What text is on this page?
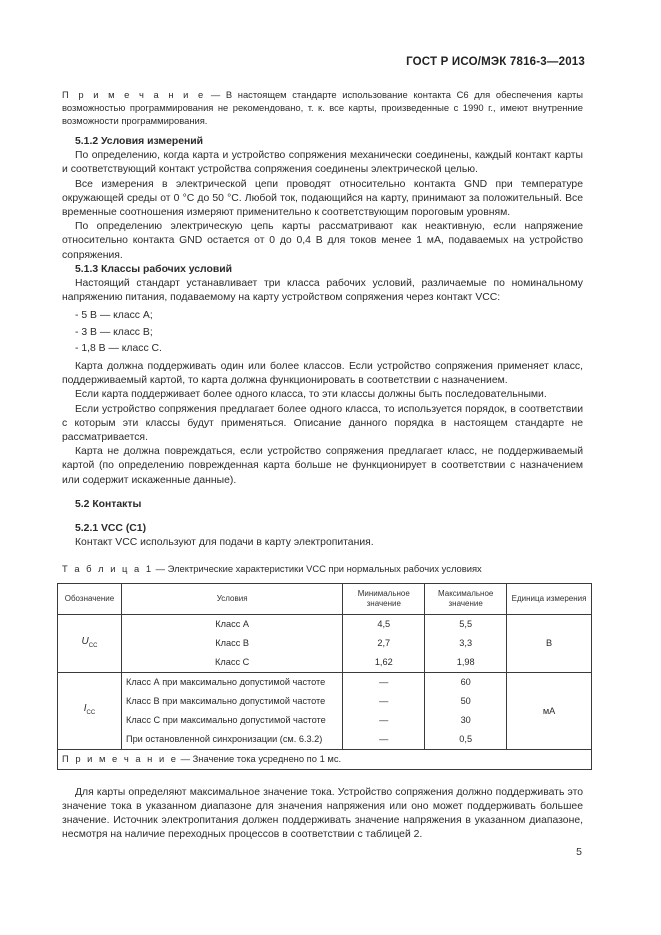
ГОСТ Р ИСО/МЭК 7816-3—2013

П р и м е ч а н и е — В настоящем стандарте использование контакта С6 для обеспечения карты возможностью программирования не рекомендовано, т. к. все карты, произведенные с 1990 г., имеют внутренние возможности программирования.

5.1.2 Условия измерений

По определению, когда карта и устройство сопряжения механически соединены, каждый контакт карты и соответствующий контакт устройства сопряжения соединены электрической целью.

Все измерения в электрической цепи проводят относительно контакта GND при температуре окружающей среды от 0 °С до 50 °С. Любой ток, подающийся на карту, принимают за положительный. Все временные соотношения измеряют применительно к соответствующим пороговым уровням.

По определению электрическую цепь карты рассматривают как неактивную, если напряжение относительно контакта GND остается от 0 до 0,4 В для токов менее 1 мА, подаваемых на устройство сопряжения.

5.1.3 Классы рабочих условий

Настоящий стандарт устанавливает три класса рабочих условий, различаемые по номинальному напряжению питания, подаваемому на карту устройством сопряжения через контакт VCC:

- 5 В — класс А;
- 3 В — класс В;
- 1,8 В — класс С.

Карта должна поддерживать один или более классов. Если устройство сопряжения применяет класс, поддерживаемый картой, то карта должна функционировать в соответствии с назначением.

Если карта поддерживает более одного класса, то эти классы должны быть последовательными.

Если устройство сопряжения предлагает более одного класса, то используется порядок, в соответствии с которым эти классы будут применяться. Описание данного порядка в настоящем стандарте не рассматривается.

Карта не должна повреждаться, если устройство сопряжения предлагает класс, не поддерживаемый картой (по определению поврежденная карта больше не функционирует в соответствии с назначением или содержит искаженные данные).

5.2 Контакты
5.2.1 VCC (C1)

Контакт VCC используют для подачи в карту электропитания.

Т а б л и ц а 1 — Электрические характеристики VCC при нормальных рабочих условиях
Обозначение	Условия	Минимальное значение	Максимальное значение	Единица измерения
$U_{CC}$	Класс А	4,5	5,5	В
	Класс В	2,7	3,3	
	Класс С	1,62	1,98	
$I_{CC}$	Класс А при максимально допустимой частоте	—	60	мА
	Класс В при максимально допустимой частоте	—	50	
	Класс С при максимально допустимой частоте	—	30	
	При остановленной синхронизации (см. 6.3.2)	—	0,5	
П р и м е ч а н и е — Значение тока усреднено по 1 мс.				

Для карты определяют максимальное значение тока. Устройство сопряжения должно поддерживать это значение тока в указанном диапазоне для значения напряжения или оно может поддерживать большее значение. Источник электропитания должен поддерживать значение напряжения в указанном диапазоне, несмотря на наличие переходных процессов в соответствии с таблицей 2.

5
